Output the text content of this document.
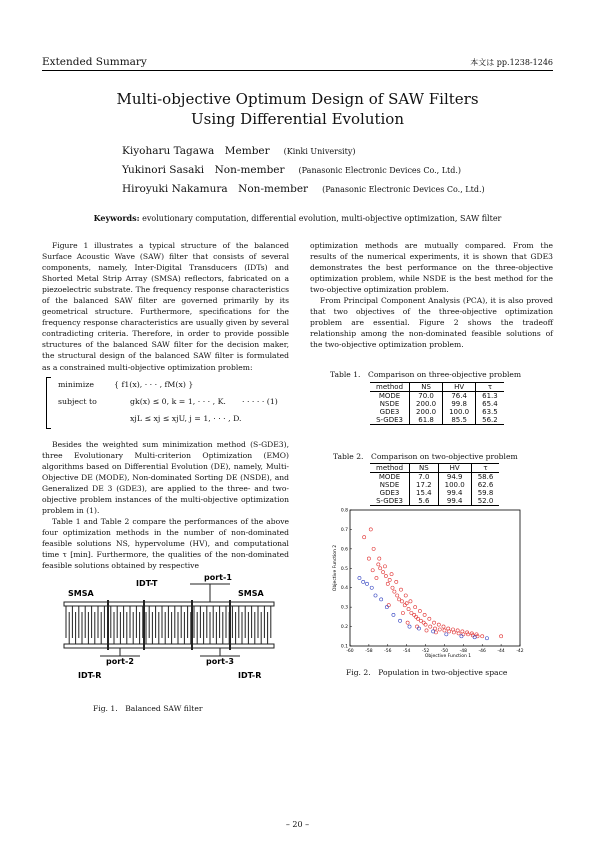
Extended Summary	本文は pp.1238-1246
Multi-objective Optimum Design of SAW Filters
Using Differential Evolution
Kiyoharu Tagawa　Member (Kinki University)
Yukinori Sasaki　Non-member (Panasonic Electronic Devices Co., Ltd.)
Hiroyuki Nakamura　Non-member (Panasonic Electronic Devices Co., Ltd.)
Keywords: evolutionary computation, differential evolution, multi-objective optimization, SAW filter

Figure 1 illustrates a typical structure of the balanced Surface Acoustic Wave (SAW) filter that consists of several components, namely, Inter-Digital Transducers (IDTs) and Shorted Metal Strip Array (SMSA) reflectors, fabricated on a piezoelectric substrate. The frequency response characteristics of the balanced SAW filter are governed primarily by its geometrical structure. Furthermore, specifications for the frequency response characteristics are usually given by several contradicting criteria. Therefore, in order to provide possible structures of the balanced SAW filter for the decision maker, the structural design of the balanced SAW filter is formulated as a constrained multi-objective optimization problem:

minimize	{ f1(x), · · · , fM(x) }
subject to	gk(x) ≤ 0, k = 1, · · · , K. · · · · · (1)
xjL ≤ xj ≤ xjU, j = 1, · · · , D.

Besides the weighted sum minimization method (S-GDE3), three Evolutionary Multi-criterion Optimization (EMO) algorithms based on Differential Evolution (DE), namely, Multi-Objective DE (MODE), Non-dominated Sorting DE (NSDE), and Generalized DE 3 (GDE3), are applied to the three- and two-objective problem instances of the multi-objective optimization problem in (1).

Table 1 and Table 2 compare the performances of the above four optimization methods in the number of non-dominated feasible solutions NS, hypervolume (HV), and computational time τ [min]. Furthermore, the qualities of the non-dominated feasible solutions obtained by respective

optimization methods are mutually compared. From the results of the numerical experiments, it is shown that GDE3 demonstrates the best performance on the three-objective optimization problem, while NSDE is the best method for the two-objective optimization problem.

From Principal Component Analysis (PCA), it is also proved that two objectives of the three-objective optimization problem are essential. Figure 2 shows the tradeoff relationship among the non-dominated feasible solutions of the two-objective optimization problem.

Table 1.　Comparison on three-objective problem
method	NS	HV	τ
MODE	70.0	76.4	61.3
NSDE	200.0	99.8	65.4
GDE3	200.0	100.0	63.5
S-GDE3	61.8	85.5	56.2
Table 2.　Comparison on two-objective problem
method	NS	HV	τ
MODE	7.0	94.9	58.6
NSDE	17.2	100.0	62.6
GDE3	15.4	99.4	59.8
S-GDE3	5.6	99.4	52.0
SMSA	SMSA
IDT-T
port-1
IDT-R	IDT-R
port-2	port-3
Fig. 1.　Balanced SAW filter
Objective Function 1
Objective Function 2
-60	-58	-56	-54	-52	-50	-48	-46	-44	-42
0.1
0.2
0.3
0.4
0.5
0.6
0.7
0.8
Fig. 2.　Population in two-objective space
– 20 –
